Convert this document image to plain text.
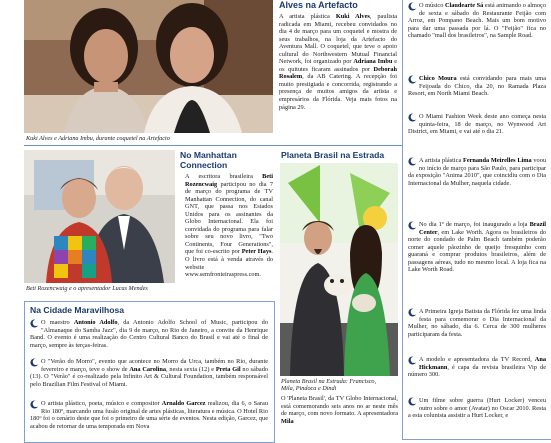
Kuki Alves e Adriana Imbu, durante coquetel na Artefacto
Alves na Artefacto
A artista plástica Kuki Alves, paulista radicada em Miami, recebeu convidados no dia 4 de março para um coquetel e mostra de seus trabalhos, na loja da Artefacto do Aventura Mall. O coquetel, que teve o apoio cultural do Northwestern Mutual Financial Network, foi organizado por Adriana Imbu e os quitutes ficaram assinados por Deborah Rosalem, da AB Catering. A recepção foi muito prestigiada e concorrida, registrando a presença de muitos amigos da artista e empresários da Flórida. Veja mais fotos na página 29.
Beti Rozencwaig e o apresentador Lucas Mendes
No Manhattan
Connection
A escritora brasileira Beti Rozencwaig participou no dia 7 de março do programa de TV Manhattan Connection, do canal GNT, que passa nos Estados Unidos para os assinantes da Globo Internacional. Ela foi convidada do programa para falar sobre seu novo livro, "Two Continents, Four Generations", que foi co-escrito por Peter Hays. O livro está à venda através do website www.semfronteiraspress.com.
Planeta Brasil na Estrada
Planeta Brasil na Estrada: Francisco,
Mila, Pindoca e Dindi
O 'Planeta Brasil', da TV Globo Internacional, está comemorando seis anos no ar neste mês de março, com novo formato. A apresentadora Mila
Na Cidade Maravilhosa
O maestro Antonio Adolfo, da Antonio Adolfo School of Music, participou do "Almanaque do Samba Jazz", dia 9 de março, no Rio de Janeiro, a convite da Henrique Band. O evento é uma realização do Centro Cultural Banco do Brasil e vai até o final de março, sempre às terças-feiras.
O "Verão do Morro", evento que acontece no Morro da Urca, também no Rio, durante fevereiro e março, teve o show de Ana Carolina, nesta sexta (12) e Preta Gil no sábado (13). O "Verão" é co-realizado pela Infinito Art & Cultural Foundation, também responsável pelo Brazilian Film Festival of Miami.
O artista plástico, poeta, músico e compositor Arnaldo Garcez realizou, dia 6, o Sarau Rio 180º, marcando uma fusão original de artes plásticas, literatura e música. O Hotel Rio 180º foi o cenário deste que foi o primeiro de uma série de eventos. Nesta edição, Garcez, que acabou de retornar de uma temporada em Nova
O músico Claudearte Sá está animando o almoço de sexta e sábado do Restaurante Feijão com Arroz, em Pompano Beach. Mais um bom motivo para dar uma passada por lá. O "Feijão" fica no chamado "mall dos brasileiros", na Sample Road.
Chico Moura está convidando para mais uma Feijoada do Chico, dia 20, no Ramada Plaza Resort, em North Miami Beach.
O Miami Fashion Week deste ano começa nesta quinta-feira, 18 de março, no Wynwood Art District, em Miami, e vai até o dia 21.
A artista plástica Fernanda Meirelles Lima voou no início de março para São Paulo, para participar da exposição "Anima 2010", que coincidiu com o Dia Internacional da Mulher, naquela cidade.
No dia 1º de março, foi inaugurado a loja Brazil Center, em Lake Worth. Agora os brasileiros do norte do condado de Palm Beach também poderão comer aquele pãozinho de queijo fresquinho com guaraná e comprar produtos brasileiros, além de passagens aéreas, tudo no mesmo local. A loja fica na Lake Worth Road.
A Primeira Igreja Batista da Flórida fez uma linda festa para comemorar o Dia Internacional da Mulher, no sábado, dia 6. Cerca de 300 mulheres participaram da festa.
A modelo e apresentadora da TV Record, Ana Hickmann, é capa da revista brasileira Vip de número 300.
Um filme sobre guerra (Hurt Locker) venceu outro sobre o amor (Avatar) no Oscar 2010. Resta a esta colunista assistir a Hurt Locker, e
